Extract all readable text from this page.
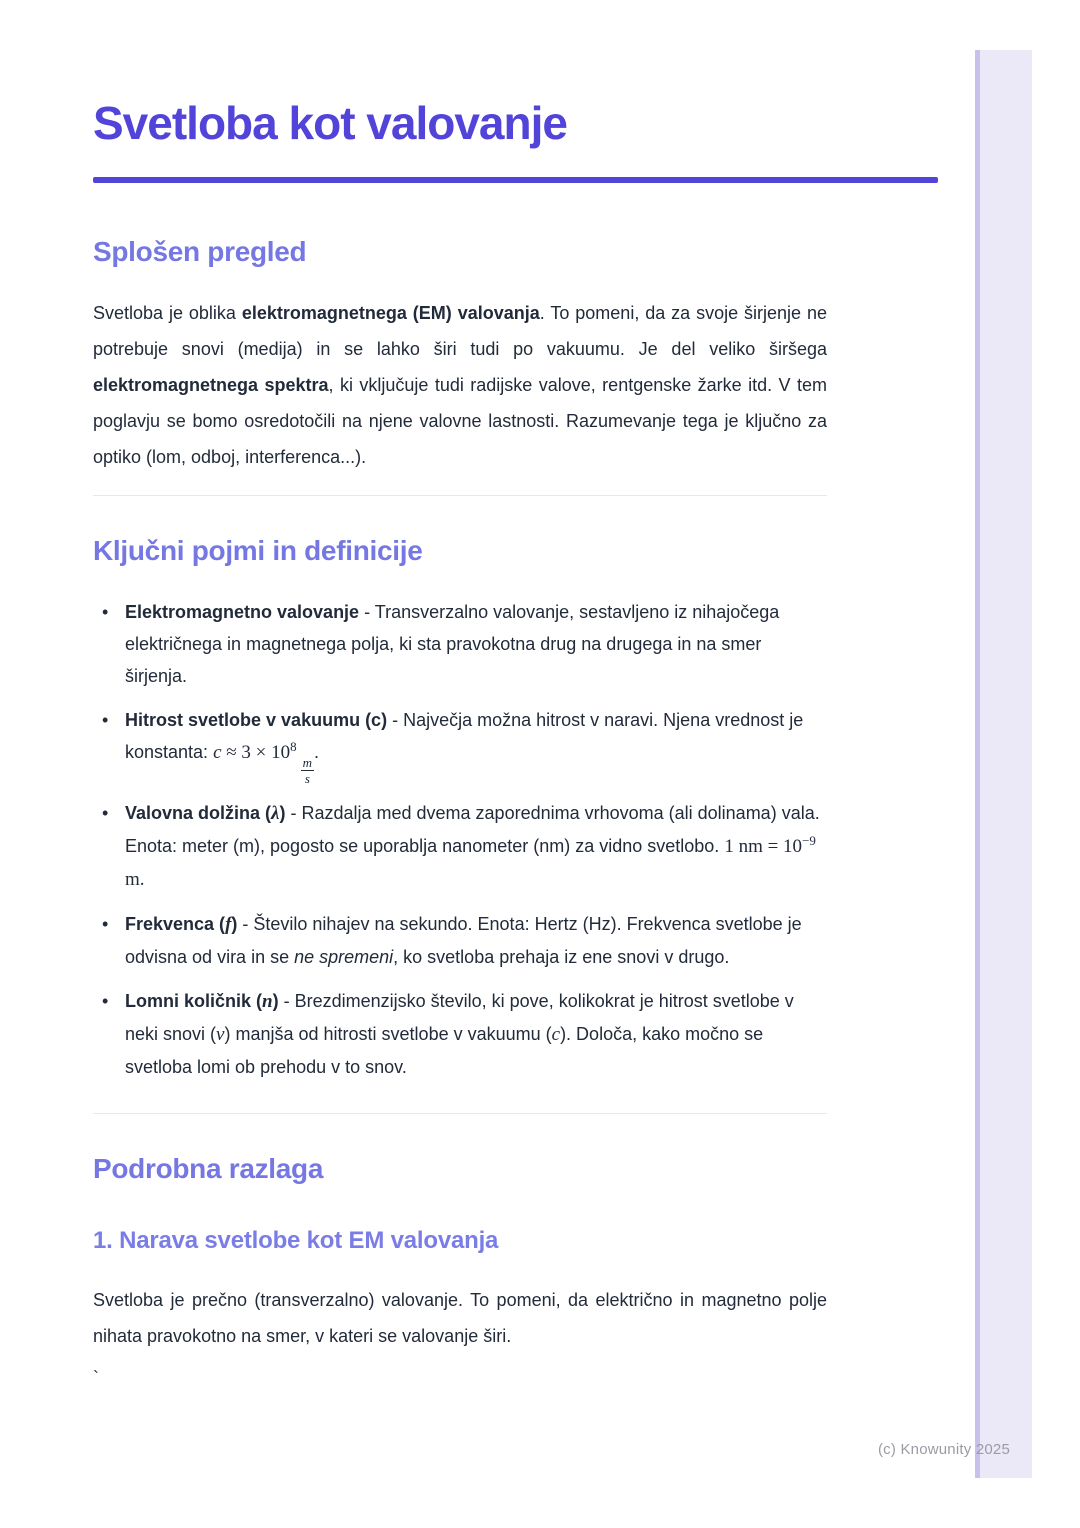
Svetloba kot valovanje
Splošen pregled

Svetloba je oblika elektromagnetnega (EM) valovanja. To pomeni, da za svoje širjenje ne potrebuje snovi (medija) in se lahko širi tudi po vakuumu. Je del veliko širšega elektromagnetnega spektra, ki vključuje tudi radijske valove, rentgenske žarke itd. V tem poglavju se bomo osredotočili na njene valovne lastnosti. Razumevanje tega je ključno za optiko (lom, odboj, interferenca...).

Ključni pojmi in definicije
• Elektromagnetno valovanje - Transverzalno valovanje, sestavljeno iz nihajočega električnega in magnetnega polja, ki sta pravokotna drug na drugega in na smer širjenja.
• Hitrost svetlobe v vakuumu (c) - Največja možna hitrost v naravi. Njena vrednost je konstanta: $c \approx 3 \times 10^8$
$\frac{m}{s}$
.
• Valovna dolžina (λ) - Razdalja med dvema zaporednima vrhovoma (ali dolinama) vala. Enota: meter (m), pogosto se uporablja nanometer (nm) za vidno svetlobo. 1 nm = $10^{-9}$ m.
• Frekvenca (f) - Število nihajev na sekundo. Enota: Hertz (Hz). Frekvenca svetlobe je odvisna od vira in se ne spremeni, ko svetloba prehaja iz ene snovi v drugo.
• Lomni količnik (n) - Brezdimenzijsko število, ki pove, kolikokrat je hitrost svetlobe v neki snovi (v) manjša od hitrosti svetlobe v vakuumu (c). Določa, kako močno se svetloba lomi ob prehodu v to snov.
Podrobna razlaga
1. Narava svetlobe kot EM valovanja

Svetloba je prečno (transverzalno) valovanje. To pomeni, da električno in magnetno polje nihata pravokotno na smer, v kateri se valovanje širi.

`
(c) Knowunity 2025
